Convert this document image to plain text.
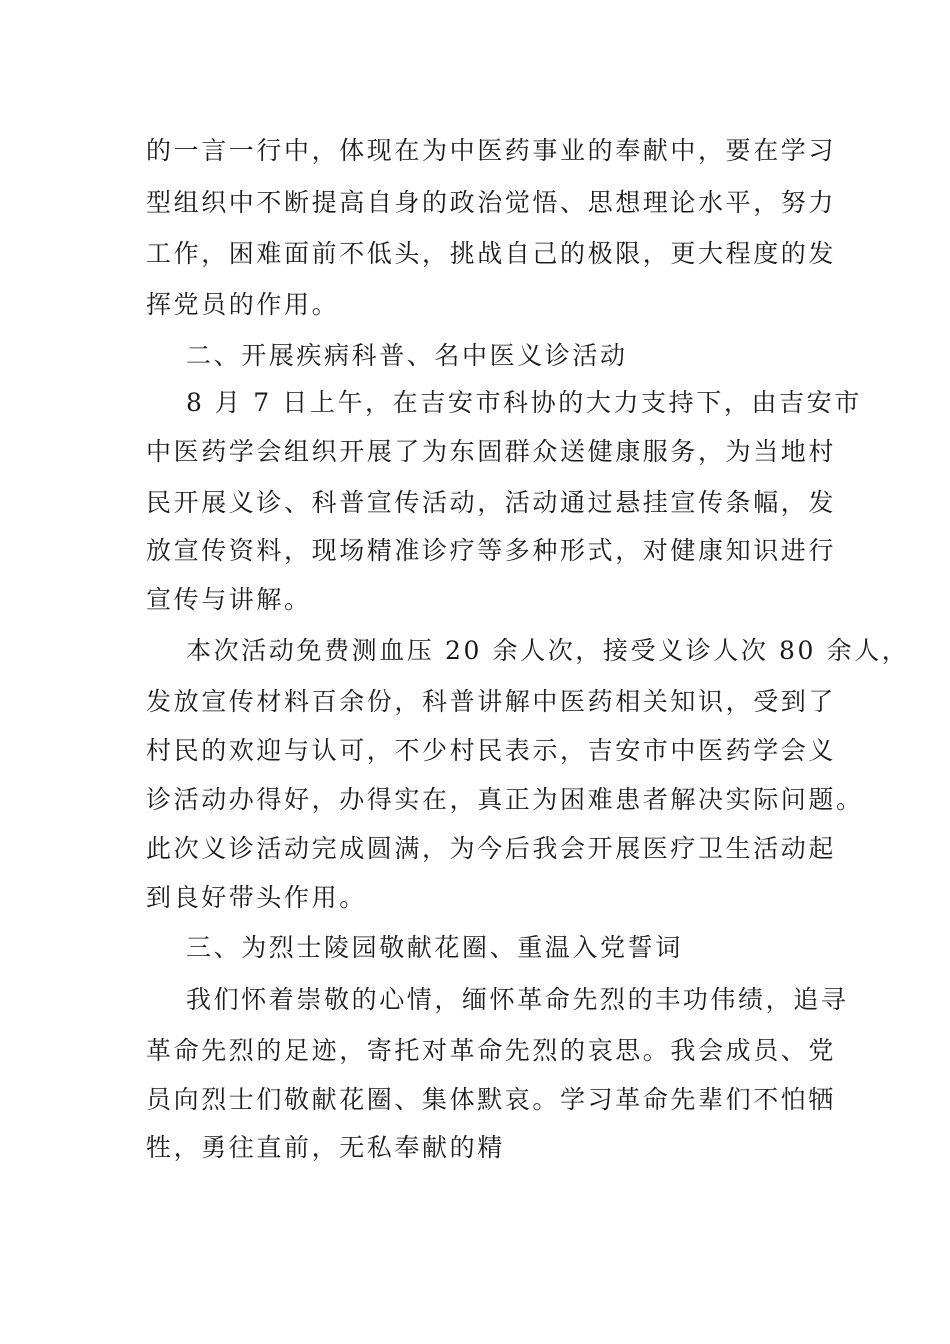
的一言一行中，体现在为中医药事业的奉献中，要在学习
型组织中不断提高自身的政治觉悟、思想理论水平，努力
工作，困难面前不低头，挑战自己的极限，更大程度的发
挥党员的作用。
二、开展疾病科普、名中医义诊活动
8 月 7 日上午，在吉安市科协的大力支持下，由吉安市
中医药学会组织开展了为东固群众送健康服务，为当地村
民开展义诊、科普宣传活动，活动通过悬挂宣传条幅，发
放宣传资料，现场精准诊疗等多种形式，对健康知识进行
宣传与讲解。
本次活动免费测血压 20 余人次，接受义诊人次 80 余人，
发放宣传材料百余份，科普讲解中医药相关知识，受到了
村民的欢迎与认可，不少村民表示，吉安市中医药学会义
诊活动办得好，办得实在，真正为困难患者解决实际问题。
此次义诊活动完成圆满，为今后我会开展医疗卫生活动起
到良好带头作用。
三、为烈士陵园敬献花圈、重温入党誓词
我们怀着崇敬的心情，缅怀革命先烈的丰功伟绩，追寻
革命先烈的足迹，寄托对革命先烈的哀思。我会成员、党
员向烈士们敬献花圈、集体默哀。学习革命先辈们不怕牺
牲，勇往直前，无私奉献的精
